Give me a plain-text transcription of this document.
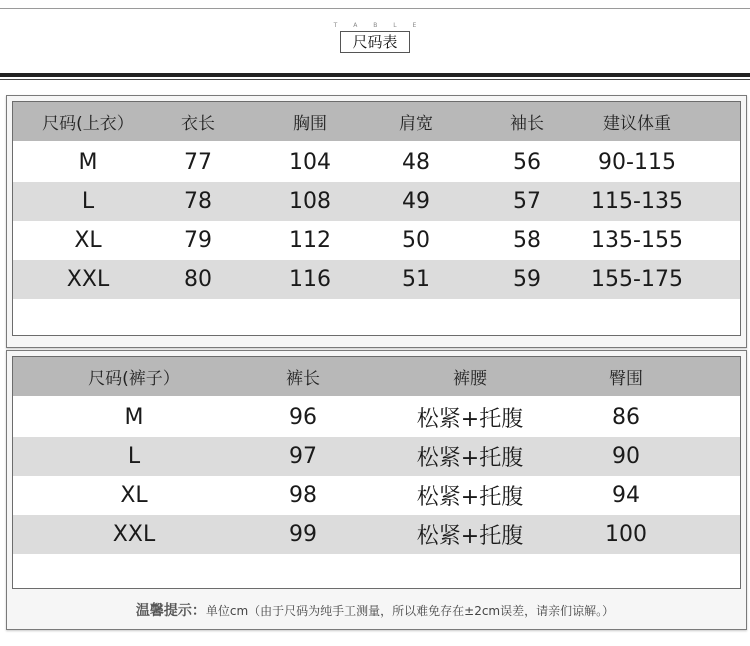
T A B L E
尺码表
尺码(上衣）	衣长	胸围	肩宽	袖长	建议体重
M	77	104	48	56	90-115
L	78	108	49	57 115-135
XL	79	112	50	58 135-155
XXL	80	116	51	59 155-175
尺码(裤子）	裤长	裤腰	臀围
M	96	松紧+托腹	86
L	97	松紧+托腹	90
XL	98	松紧+托腹	94
XXL	99	松紧+托腹	100
温馨提示：单位cm（由于尺码为纯手工测量，所以难免存在±2cm误差，请亲们谅解。）
